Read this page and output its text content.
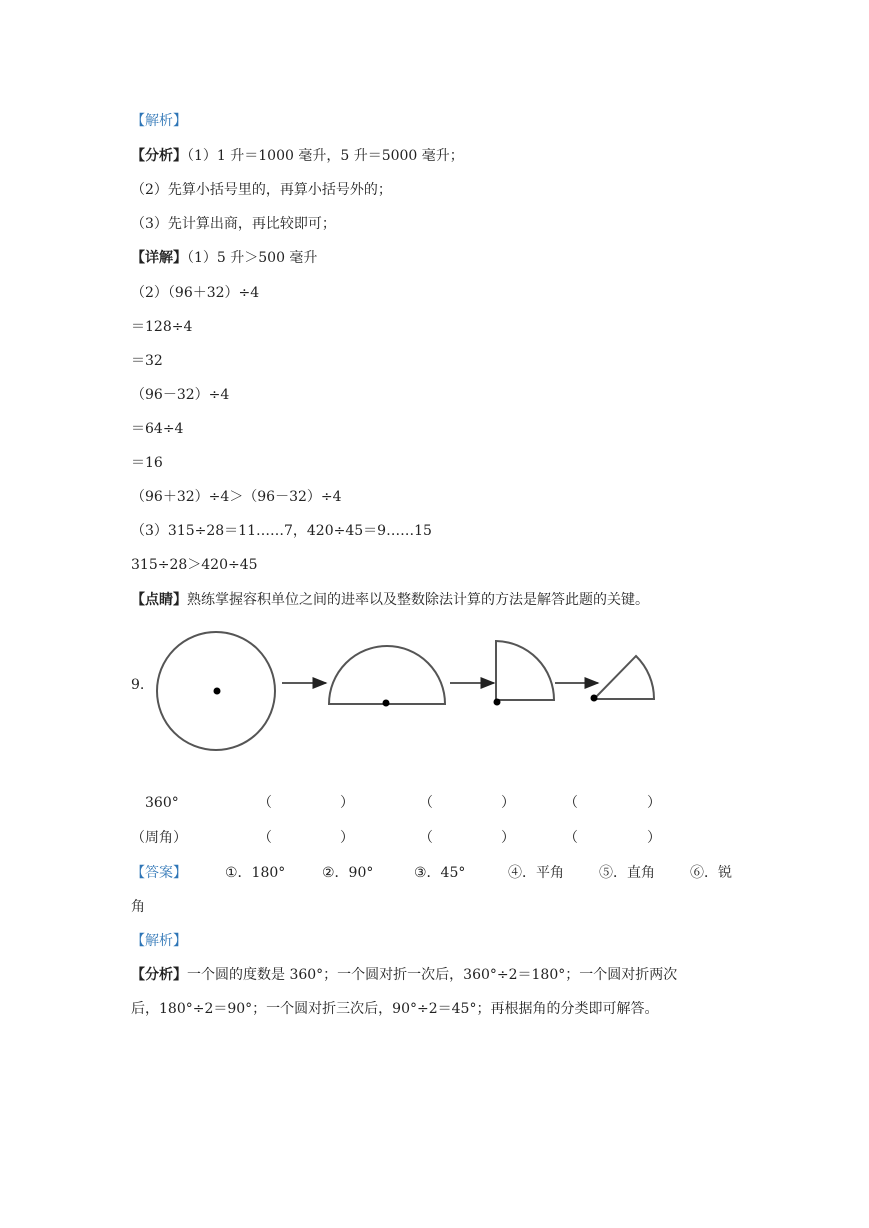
【解析】
【分析】（1）1 升＝1000 毫升，5 升＝5000 毫升；
（2）先算小括号里的，再算小括号外的；
（3）先计算出商，再比较即可；
【详解】（1）5 升＞500 毫升
（2）（96＋32）÷4
＝128÷4
＝32
（96－32）÷4
＝64÷4
＝16
（96＋32）÷4＞（96－32）÷4
（3）315÷28＝11……7，420÷45＝9……15
315÷28＞420÷45
【点睛】熟练掌握容积单位之间的进率以及整数除法计算的方法是解答此题的关键。
9.
360°	（	）	（	）	（	）
（周角）	（	）	（	）	（	）
【答案】	①．180°	②．90°	③．45°	④．平角	⑤．直角	⑥．锐
角
【解析】
【分析】一个圆的度数是 360°；一个圆对折一次后，360°÷2＝180°；一个圆对折两次
后，180°÷2＝90°；一个圆对折三次后，90°÷2＝45°；再根据角的分类即可解答。
